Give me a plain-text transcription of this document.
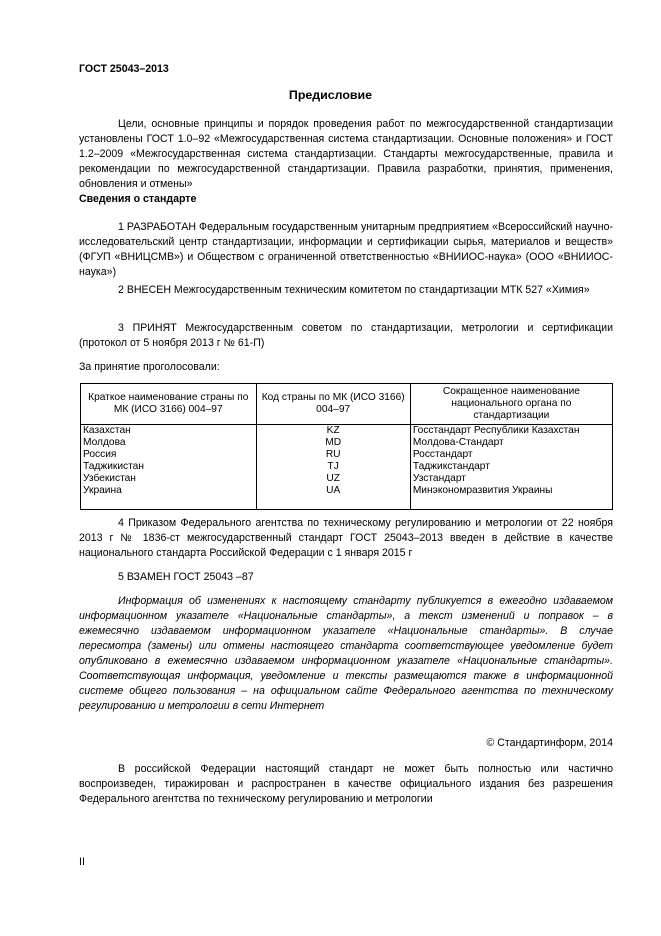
ГОСТ 25043–2013
Предисловие

Цели, основные принципы и порядок проведения работ по межгосударственной стандартизации установлены ГОСТ 1.0–92 «Межгосударственная система стандартизации. Основные положения» и ГОСТ 1.2–2009 «Межгосударственная система стандартизации. Стандарты межгосударственные, правила и рекомендации по межгосударственной стандартизации. Правила разработки, принятия, применения, обновления и отмены»

Сведения о стандарте

1 РАЗРАБОТАН Федеральным государственным унитарным предприятием «Всероссийский научно-исследовательский центр стандартизации, информации и сертификации сырья, материалов и веществ» (ФГУП «ВНИЦСМВ») и Обществом с ограниченной ответственностью «ВНИИОС-наука» (ООО «ВНИИОС-наука»)

2 ВНЕСЕН Межгосударственным техническим комитетом по стандартизации МТК 527 «Химия»

3 ПРИНЯТ Межгосударственным советом по стандартизации, метрологии и сертификации (протокол от 5 ноября 2013 г № 61-П)

За принятие проголосовали:
Краткое наименование страны по МК (ИСО 3166) 004–97	Код страны по МК (ИСО 3166) 004–97	Сокращенное наименование национального органа по стандартизации
Казахстан	KZ	Госстандарт Республики Казахстан
Молдова	MD	Молдова-Стандарт
Россия	RU	Росстандарт
Таджикистан	TJ	Таджикстандарт
Узбекистан	UZ	Узстандарт
Украина	UA	Минэкономразвития Украины

4 Приказом Федерального агентства по техническому регулированию и метрологии от 22 ноября 2013 г № 1836-ст межгосударственный стандарт ГОСТ 25043–2013 введен в действие в качестве национального стандарта Российской Федерации с 1 января 2015 г

5 ВЗАМЕН ГОСТ 25043 –87

Информация об изменениях к настоящему стандарту публикуется в ежегодно издаваемом информационном указателе «Национальные стандарты», а текст изменений и поправок – в ежемесячно издаваемом информационном указателе «Национальные стандарты». В случае пересмотра (замены) или отмены настоящего стандарта соответствующее уведомление будет опубликовано в ежемесячно издаваемом информационном указателе «Национальные стандарты». Соответствующая информация, уведомление и тексты размещаются также в информационной системе общего пользования – на официальном сайте Федерального агентства по техническому регулированию и метрологии в сети Интернет

© Стандартинформ, 2014

В российской Федерации настоящий стандарт не может быть полностью или частично воспроизведен, тиражирован и распространен в качестве официального издания без разрешения Федерального агентства по техническому регулированию и метрологии

II
